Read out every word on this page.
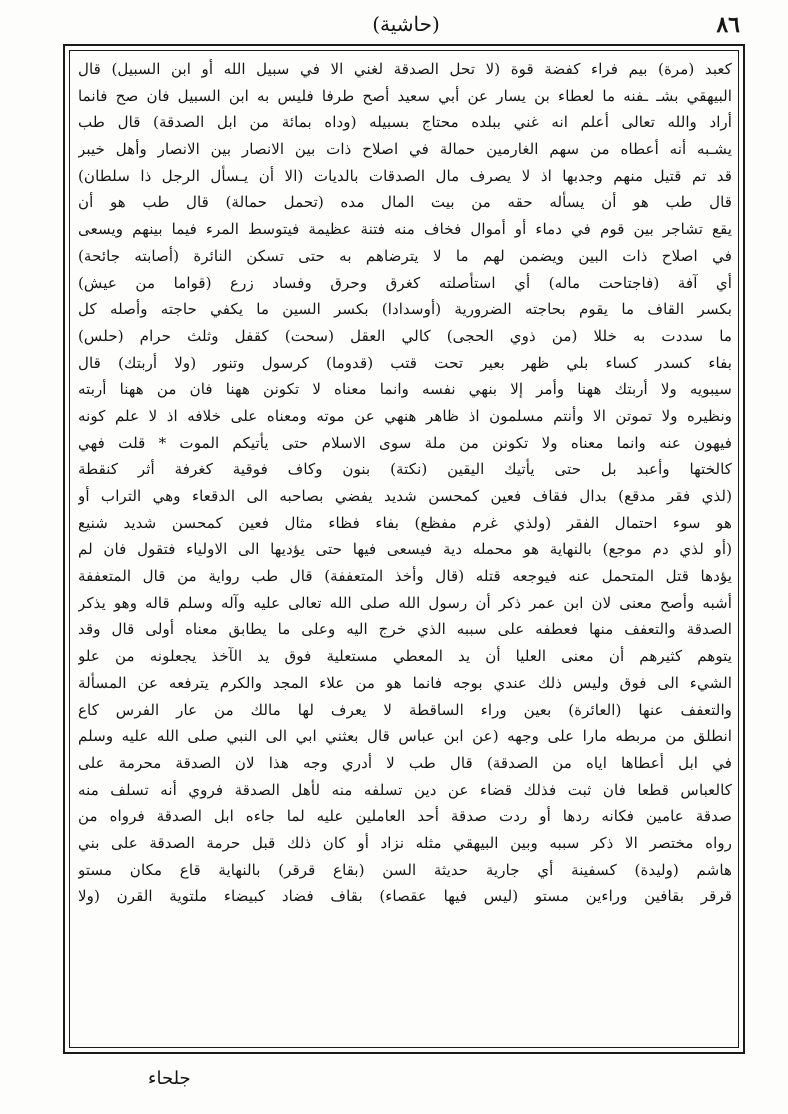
(حاشية)	٨٦
كعبد (مرة) بيم فراء كفضة قوة (لا تحل الصدقة لغني الا في سبيل الله أو ابن السبيل) قال
البيهقي بشـ ـفنه ما لعطاء بن يسار عن أبي سعيد أصح طرفا فليس به ابن السبيل فان صح فانما
أراد والله تعالى أعلم انه غني ببلده محتاج بسبيله (وداه بمائة من ابل الصدقة) قال طب
يشـبه أنه أعطاه من سهم الغارمين حمالة في اصلاح ذات بين الانصار بين الانصار وأهل خيبر
قد تم قتيل منهم وجدبها اذ لا يصرف مال الصدقات بالديات (الا أن يـسأل الرجل ذا سلطان)
قال طب هو أن يسأله حقه من بيت المال مده (تحمل حمالة) قال طب هو أن
يقع تشاجر بين قوم في دماء أو أموال فخاف منه فتنة عظيمة فيتوسط المرء فيما بينهم ويسعى
في اصلاح ذات البين ويضمن لهم ما لا يترضاهم به حتى تسكن النائرة (أصابته جائحة)
أي آفة (فاجتاحت ماله) أي استأصلته كغرق وحرق وفساد زرع (قواما من عيش)
بكسر القاف ما يقوم بحاجته الضرورية (أوسدادا) بكسر السين ما يكفي حاجته وأصله كل
ما سددت به خللا (من ذوي الحجى) كالي العقل (سحت) كقفل وثلث حرام (حلس)
بفاء كسدر كساء بلي ظهر بعير تحت قتب (قدوما) كرسول وتنور (ولا أربتك) قال
سيبويه ولا أربتك ههنا وأمر إلا بنهي نفسه وانما معناه لا تكونن ههنا فان من ههنا أربته
ونظيره ولا تموتن الا وأنتم مسلمون اذ ظاهر هنهي عن موته ومعناه على خلافه اذ لا علم كونه
فيهون عنه وانما معناه ولا تكونن من ملة سوى الاسلام حتى يأتيكم الموت * قلت فهي
كالختها وأعبد بل حتى يأتيك اليقين (نكتة) بنون وكاف فوقية كغرفة أثر كنقطة
(لذي فقر مدقع) بدال فقاف فعين كمحسن شديد يفضي بصاحبه الى الدقعاء وهي التراب أو
هو سوء احتمال الفقر (ولذي غرم مفظع) بفاء فظاء مثال فعين كمحسن شديد شنيع
(أو لذي دم موجع) بالنهاية هو محمله دية فيسعى فيها حتى يؤديها الى الاولياء فتقول فان لم
يؤدها قتل المتحمل عنه فيوجعه قتله (قال وأخذ المتعففة) قال طب رواية من قال المتعففة
أشبه وأصح معنى لان ابن عمر ذكر أن رسول الله صلى الله تعالى عليه وآله وسلم قاله وهو يذكر
الصدقة والتعفف منها فعطفه على سببه الذي خرج اليه وعلى ما يطابق معناه أولى قال وقد
يتوهم كثيرهم أن معنى العليا أن يد المعطي مستعلية فوق يد الآخذ يجعلونه من علو
الشيء الى فوق وليس ذلك عندي بوجه فانما هو من علاء المجد والكرم يترفعه عن المسألة
والتعفف عنها (العائرة) بعين وراء الساقطة لا يعرف لها مالك من عار الفرس كاع
انطلق من مربطه مارا على وجهه (عن ابن عباس قال بعثني ابي الى النبي صلى الله عليه وسلم
في ابل أعطاها اياه من الصدقة) قال طب لا أدري وجه هذا لان الصدقة محرمة على
كالعباس قطعا فان ثبت فذلك قضاء عن دين تسلفه منه لأهل الصدقة فروي أنه تسلف منه
صدقة عامين فكانه ردها أو ردت صدقة أحد العاملين عليه لما جاءه ابل الصدقة فرواه من
رواه مختصر الا ذكر سببه وبين البيهقي مثله نزاد أو كان ذلك قبل حرمة الصدقة على بني
هاشم (وليدة) كسفينة أي جارية حديثة السن (بقاع قرقر) بالنهاية قاع مكان مستو
قرقر بقافين وراءين مستو (ليس فيها عقصاء) بقاف فضاد كبيضاء ملتوية القرن (ولا
جلحاء
